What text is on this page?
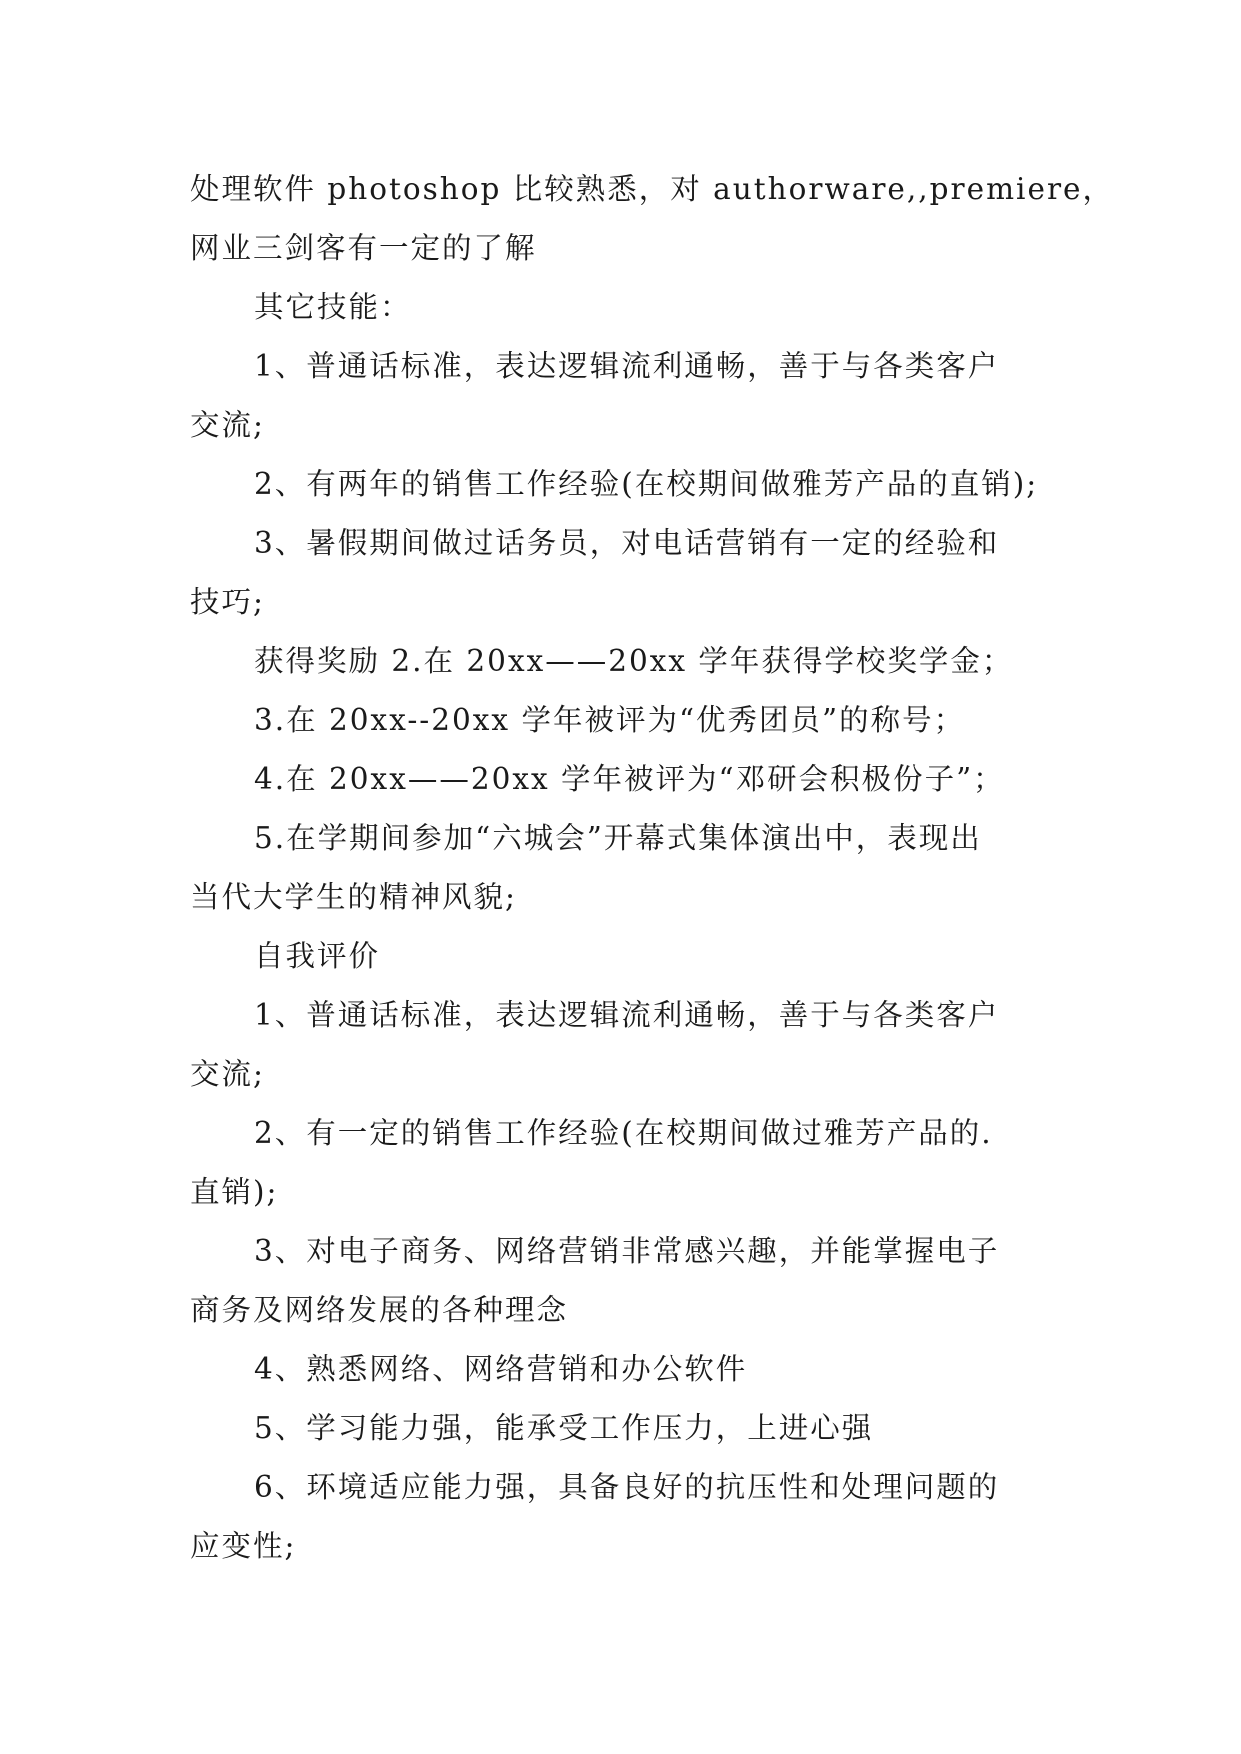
处理软件 photoshop 比较熟悉，对 authorware,,premiere，
网业三剑客有一定的了解
其它技能：
1、普通话标准，表达逻辑流利通畅，善于与各类客户
交流;
2、有两年的销售工作经验(在校期间做雅芳产品的直销);
3、暑假期间做过话务员，对电话营销有一定的经验和
技巧;
获得奖励 2.在 20xx——20xx 学年获得学校奖学金；
3.在 20xx--20xx 学年被评为“优秀团员”的称号；
4.在 20xx——20xx 学年被评为“邓研会积极份子”；
5.在学期间参加“六城会”开幕式集体演出中，表现出
当代大学生的精神风貌;
自我评价
1、普通话标准，表达逻辑流利通畅，善于与各类客户
交流;
2、有一定的销售工作经验(在校期间做过雅芳产品的.
直销);
3、对电子商务、网络营销非常感兴趣，并能掌握电子
商务及网络发展的各种理念
4、熟悉网络、网络营销和办公软件
5、学习能力强，能承受工作压力，上进心强
6、环境适应能力强，具备良好的抗压性和处理问题的
应变性;
